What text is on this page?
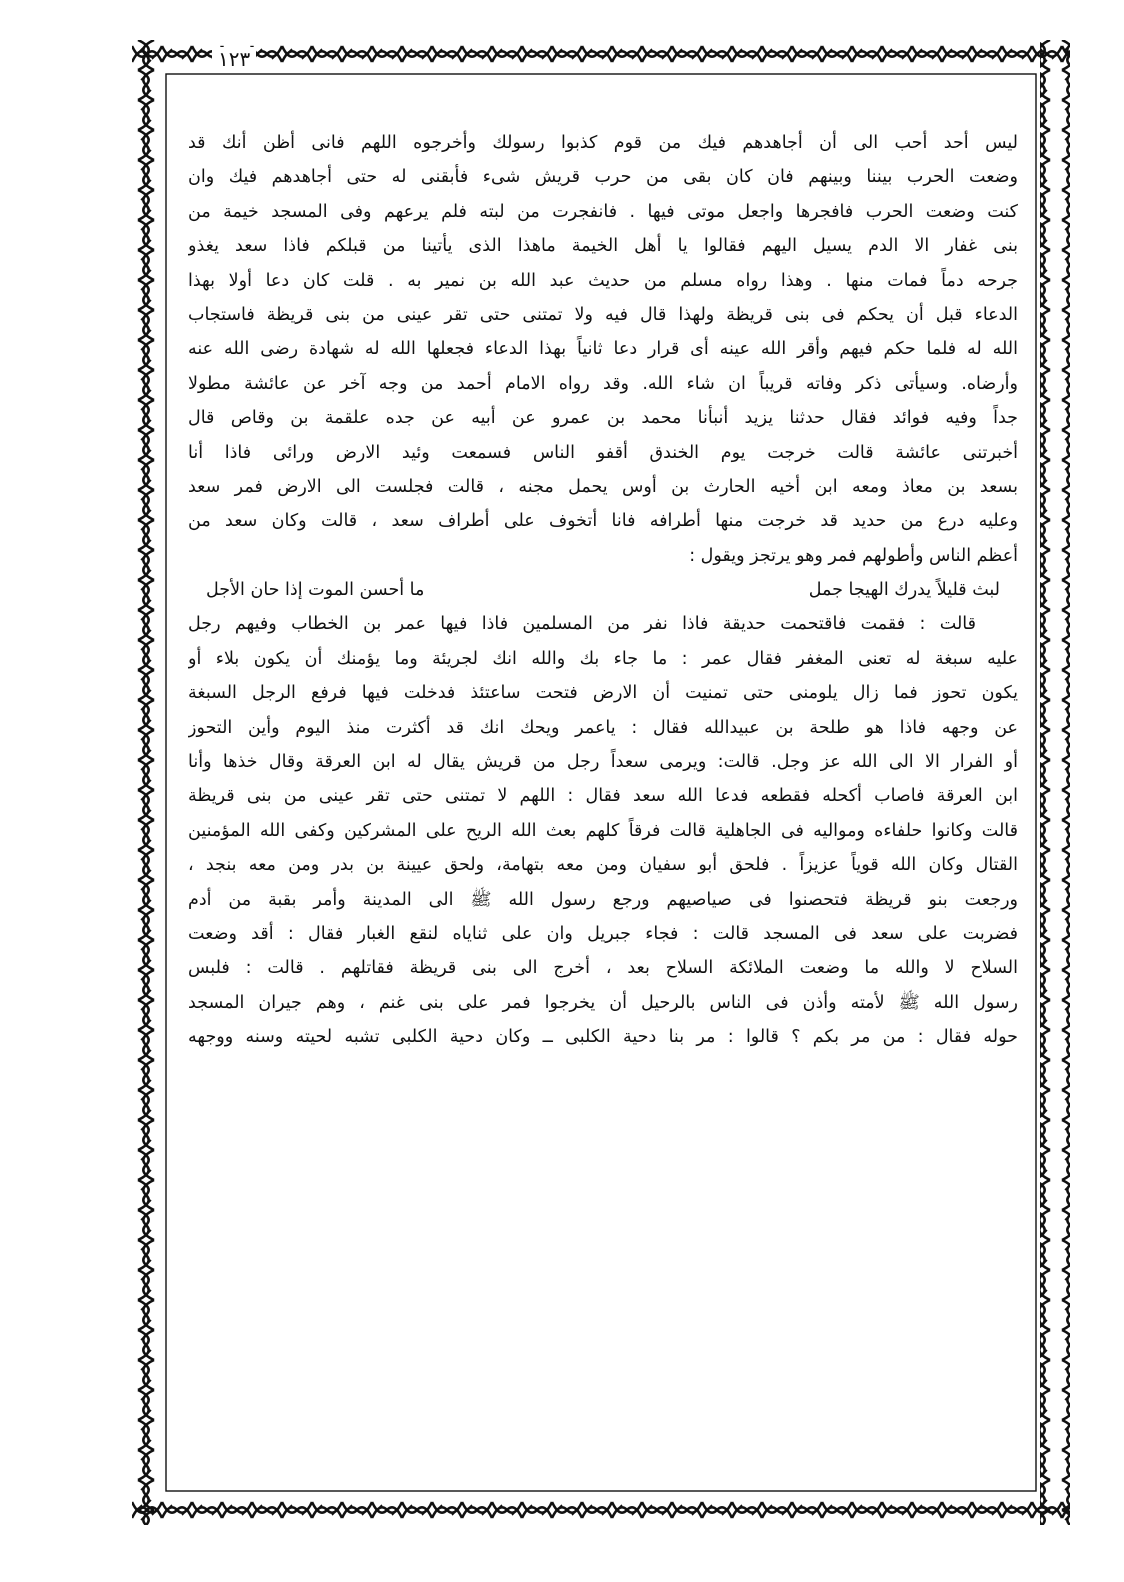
١٢٣
ليس أحد أحب الى أن أجاهدهم فيك من قوم كذبوا رسولك وأخرجوه اللهم فانى أظن أنك قد
وضعت الحرب بيننا وبينهم فان كان بقى من حرب قريش شىء فأبقنى له حتى أجاهدهم فيك وان
كنت وضعت الحرب فافجرها واجعل موتى فيها . فانفجرت من لبته فلم يرعهم وفى المسجد خيمة من
بنى غفار الا الدم يسيل اليهم فقالوا يا أهل الخيمة ماهذا الذى يأتينا من قبلكم فاذا سعد يغذو
جرحه دماً فمات منها . وهذا رواه مسلم من حديث عبد الله بن نمير به . قلت كان دعا أولا بهذا
الدعاء قبل أن يحكم فى بنى قريظة ولهذا قال فيه ولا تمتنى حتى تقر عينى من بنى قريظة فاستجاب
الله له فلما حكم فيهم وأقر الله عينه أى قرار دعا ثانياً بهذا الدعاء فجعلها الله له شهادة رضى الله عنه
وأرضاه. وسيأتى ذكر وفاته قريباً ان شاء الله. وقد رواه الامام أحمد من وجه آخر عن عائشة مطولا
جداً وفيه فوائد فقال حدثنا يزيد أنبأنا محمد بن عمرو عن أبيه عن جده علقمة بن وقاص قال
أخبرتنى عائشة قالت خرجت يوم الخندق أقفو الناس فسمعت وئيد الارض ورائى فاذا أنا
بسعد بن معاذ ومعه ابن أخيه الحارث بن أوس يحمل مجنه ، قالت فجلست الى الارض فمر سعد
وعليه درع من حديد قد خرجت منها أطرافه فانا أتخوف على أطراف سعد ، قالت وكان سعد من
أعظم الناس وأطولهم فمر وهو يرتجز ويقول :
لبث قليلاً يدرك الهيجا جمل ما أحسن الموت إذا حان الأجل
قالت : فقمت فاقتحمت حديقة فاذا نفر من المسلمين فاذا فيها عمر بن الخطاب وفيهم رجل
عليه سبغة له تعنى المغفر فقال عمر : ما جاء بك والله انك لجريئة وما يؤمنك أن يكون بلاء أو
يكون تحوز فما زال يلومنى حتى تمنيت أن الارض فتحت ساعتئذ فدخلت فيها فرفع الرجل السبغة
عن وجهه فاذا هو طلحة بن عبيدالله فقال : ياعمر ويحك انك قد أكثرت منذ اليوم وأين التحوز
أو الفرار الا الى الله عز وجل. قالت: ويرمى سعداً رجل من قريش يقال له ابن العرقة وقال خذها وأنا
ابن العرقة فاصاب أكحله فقطعه فدعا الله سعد فقال : اللهم لا تمتنى حتى تقر عينى من بنى قريظة
قالت وكانوا حلفاءه ومواليه فى الجاهلية قالت فرقاً كلهم بعث الله الريح على المشركين وكفى الله المؤمنين
القتال وكان الله قوياً عزيزاً . فلحق أبو سفيان ومن معه بتهامة، ولحق عيينة بن بدر ومن معه بنجد ،
ورجعت بنو قريظة فتحصنوا فى صياصيهم ورجع رسول الله ﷺ الى المدينة وأمر بقبة من أدم
فضربت على سعد فى المسجد قالت : فجاء جبريل وان على ثناياه لنقع الغبار فقال : أقد وضعت
السلاح لا والله ما وضعت الملائكة السلاح بعد ، أخرج الى بنى قريظة فقاتلهم . قالت : فلبس
رسول الله ﷺ لأمته وأذن فى الناس بالرحيل أن يخرجوا فمر على بنى غنم ، وهم جيران المسجد
حوله فقال : من مر بكم ؟ قالوا : مر بنا دحية الكلبى ــ وكان دحية الكلبى تشبه لحيته وسنه ووجهه
